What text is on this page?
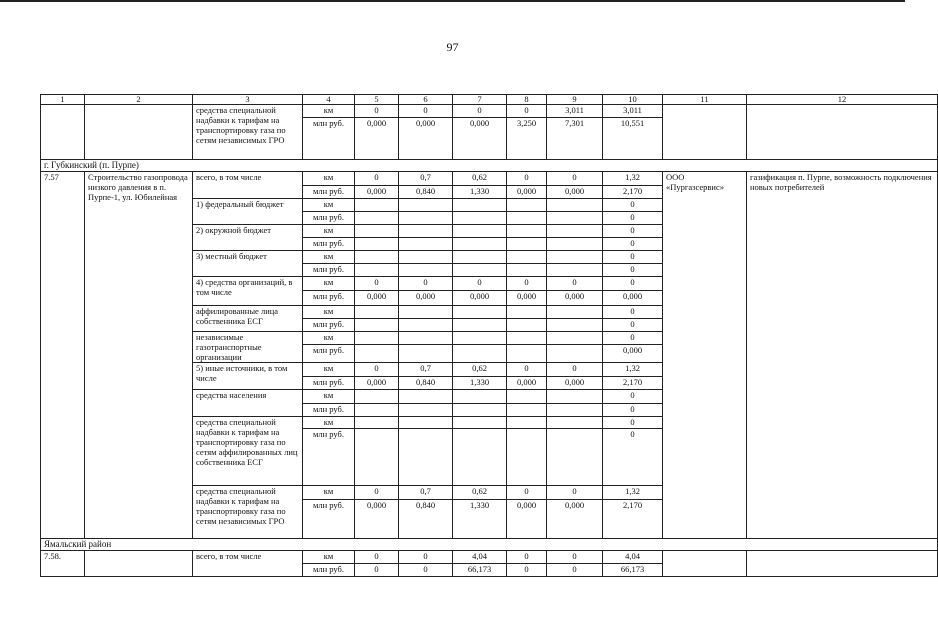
97
1	2	3	4	5	6	7	8	9	10	11	12
		средства специальной надбавки к тарифам на транспортировку газа по сетям независимых ГРО	км	0	0	0	0	3,011	3,011		
			млн руб.	0,000	0,000	0,000	3,250	7,301	10,551		
г. Губкинский (п. Пурпе)											
7.57	Строительство газопровода низкого давления в п. Пурпе-1, ул. Юбилейная	всего, в том числе	км	0	0,7	0,62	0	0	1,32	ООО «Пургазсервис»	газификация п. Пурпе, возможность подключения новых потребителей
			млн руб.	0,000	0,840	1,330	0,000	0,000	2,170		
		1) федеральный бюджет	км						0		
			млн руб.						0		
		2) окружной бюджет	км						0		
			млн руб.						0		
		3) местный бюджет	км						0		
			млн руб.						0		
		4) средства организаций, в том числе	км	0	0	0	0	0	0		
			млн руб.	0,000	0,000	0,000	0,000	0,000	0,000		
		аффилированные лица собственника ЕСГ	км						0		
			млн руб.						0		
		независимые газотранспортные организации	км						0		
			млн руб.						0,000		
		5) иные источники, в том числе	км	0	0,7	0,62	0	0	1,32		
			млн руб.	0,000	0,840	1,330	0,000	0,000	2,170		
		средства населения	км						0		
			млн руб.						0		
		средства специальной надбавки к тарифам на транспортировку газа по сетям аффилированных лиц собственника ЕСГ	км						0		
			млн руб.						0		
		средства специальной надбавки к тарифам на транспортировку газа по сетям независимых ГРО	км	0	0,7	0,62	0	0	1,32		
			млн руб.	0,000	0,840	1,330	0,000	0,000	2,170		
Ямальский район											
7.58.		всего, в том числе	км	0	0	4,04	0	0	4,04		
			млн руб.	0	0	66,173	0	0	66,173		
